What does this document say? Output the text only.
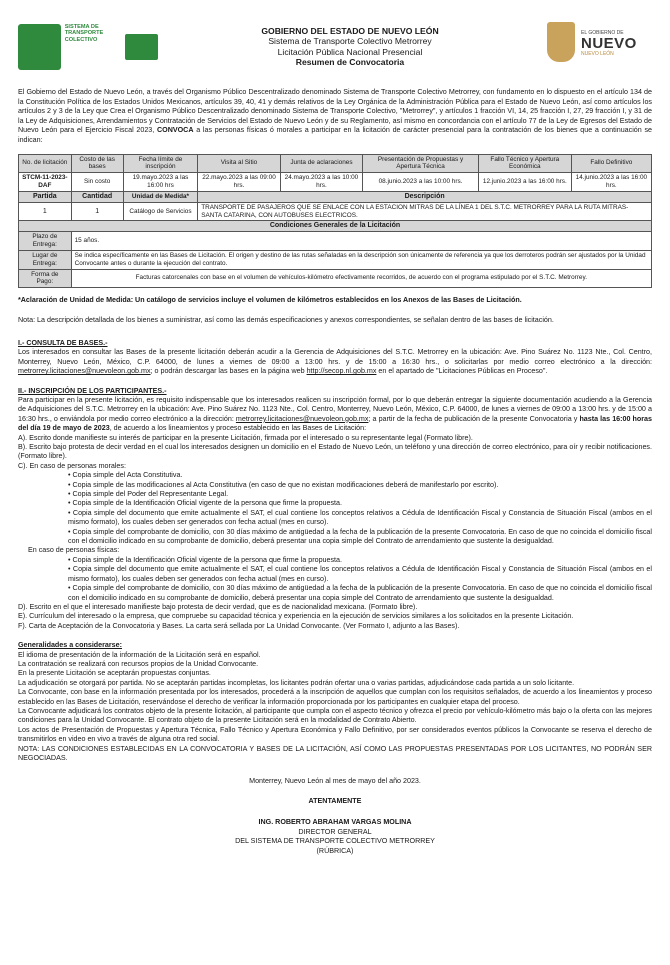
SISTEMA DE TRANSPORTE COLECTIVO
GOBIERNO DEL ESTADO DE NUEVO LEÓN
Sistema de Transporte Colectivo Metrorrey
Licitación Pública Nacional Presencial
Resumen de Convocatoria
EL GOBIERNO DE
NUEVO
NUEVO LEÓN

El Gobierno del Estado de Nuevo León, a través del Organismo Público Descentralizado denominado Sistema de Transporte Colectivo Metrorrey, con fundamento en lo dispuesto en el artículo 134 de la Constitución Política de los Estados Unidos Mexicanos, artículos 39, 40, 41 y demás relativos de la Ley Orgánica de la Administración Pública para el Estado de Nuevo León, así como artículos los artículos 2 y 3 de la Ley que Crea el Organismo Público Descentralizado denominado Sistema de Transporte Colectivo, "Metrorrey", y artículos 1 fracción VI, 14, 25 fracción I, 27, 29 fracción I, y 31 de la Ley de Adquisiciones, Arrendamientos y Contratación de Servicios del Estado de Nuevo León y de su Reglamento, así mismo en concordancia con el artículo 77 de la Ley de Egresos del Estado de Nuevo León para el Ejercicio Fiscal 2023, CONVOCA a las personas físicas ó morales a participar en la licitación de carácter presencial para la contratación de los bienes que a continuación se indican:

No. de licitación	Costo de las bases	Fecha límite de inscripción	Visita al Sitio	Junta de aclaraciones	Presentación de Propuestas y Apertura Técnica	Fallo Técnico y Apertura Económica	Fallo Definitivo
STCM-11-2023-DAF	Sin costo	19.mayo.2023 a las 16:00 hrs	22.mayo.2023 a las 09:00 hrs.	24.mayo.2023 a las 10:00 hrs.	08.junio.2023 a las 10:00 hrs.	12.junio.2023 a las 16:00 hrs.	14.junio.2023 a las 16:00 hrs.
Partida	Cantidad	Unidad de Medida*	Descripción				
1	1	Catálogo de Servicios	TRANSPORTE DE PASAJEROS QUE SE ENLACE CON LA ESTACION MITRAS DE LA LÍNEA 1 DEL S.T.C. METRORREY PARA LA RUTA MITRAS-SANTA CATARINA, CON AUTOBUSES ELECTRICOS.				
Condiciones Generales de la Licitación							
Plazo de Entrega:	15 años.						
Lugar de Entrega:	Se indica específicamente en las Bases de Licitación. El origen y destino de las rutas señaladas en la descripción son únicamente de referencia ya que los derroteros podrán ser ajustados por la Unidad Convocante antes o durante la ejecución del contrato.						
Forma de Pago:	Facturas catorcenales con base en el volumen de vehículos-kilómetro efectivamente recorridos, de acuerdo con el programa estipulado por el S.T.C. Metrorrey.						

*Aclaración de Unidad de Medida: Un catálogo de servicios incluye el volumen de kilómetros establecidos en los Anexos de las Bases de Licitación.

Nota: La descripción detallada de los bienes a suministrar, así como las demás especificaciones y anexos correspondientes, se señalan dentro de las bases de licitación.

I.- CONSULTA DE BASES.-

Los interesados en consultar las Bases de la presente licitación deberán acudir a la Gerencia de Adquisiciones del S.T.C. Metrorrey en la ubicación: Ave. Pino Suárez No. 1123 Nte., Col. Centro, Monterrey, Nuevo León, México, C.P. 64000, de lunes a viernes de 09:00 a 13:00 hrs. y de 15:00 a 16:30 hrs., o solicitarlas por medio correo electrónico a la dirección: metrorrey.licitaciones@nuevoleon.gob.mx; o podrán descargar las bases en la página web http://secop.nl.gob.mx en el apartado de "Licitaciones Públicas en Proceso".

II.- INSCRIPCIÓN DE LOS PARTICIPANTES.-

Para participar en la presente licitación, es requisito indispensable que los interesados realicen su inscripción formal, por lo que deberán entregar la siguiente documentación acudiendo a la Gerencia de Adquisiciones del S.T.C. Metrorrey en la ubicación: Ave. Pino Suárez No. 1123 Nte., Col. Centro, Monterrey, Nuevo León, México, C.P. 64000, de lunes a viernes de 09:00 a 13:00 hrs. y de 15:00 a 16:30 hrs., o enviándola por medio correo electrónico a la dirección: metrorrey.licitaciones@nuevoleon.gob.mx; a partir de la fecha de publicación de la presente Convocatoria y hasta las 16:00 horas del día 19 de mayo de 2023, de acuerdo a los lineamientos y proceso establecido en las Bases de Licitación:

A). Escrito donde manifieste su interés de participar en la presente Licitación, firmada por el interesado o su representante legal (Formato libre).
B). Escrito bajo protesta de decir verdad en el cual los interesados designen un domicilio en el Estado de Nuevo León, un teléfono y una dirección de correo electrónico, para oír y recibir notificaciones. (Formato libre).
C). En caso de personas morales:
• Copia simple del Acta Constitutiva.
• Copia simple de las modificaciones al Acta Constitutiva (en caso de que no existan modificaciones deberá de manifestarlo por escrito).
• Copia simple del Poder del Representante Legal.
• Copia simple de la Identificación Oficial vigente de la persona que firme la propuesta.
• Copia simple del documento que emite actualmente el SAT, el cual contiene los conceptos relativos a Cédula de Identificación Fiscal y Constancia de Situación Fiscal (ambos en el mismo formato), los cuales deben ser generados con fecha actual (mes en curso).
• Copia simple del comprobante de domicilio, con 30 días máximo de antigüedad a la fecha de la publicación de la presente Convocatoria. En caso de que no coincida el domicilio fiscal con el domicilio indicado en su comprobante de domicilio, deberá presentar una copia simple del Contrato de arrendamiento que sustente la desigualdad.
En caso de personas físicas:
• Copia simple de la Identificación Oficial vigente de la persona que firme la propuesta.
• Copia simple del documento que emite actualmente el SAT, el cual contiene los conceptos relativos a Cédula de Identificación Fiscal y Constancia de Situación Fiscal (ambos en el mismo formato), los cuales deben ser generados con fecha actual (mes en curso).
• Copia simple del comprobante de domicilio, con 30 días máximo de antigüedad a la fecha de la publicación de la presente Convocatoria. En caso de que no coincida el domicilio fiscal con el domicilio indicado en su comprobante de domicilio, deberá presentar una copia simple del Contrato de arrendamiento que sustente la desigualdad.
D). Escrito en el que el interesado manifieste bajo protesta de decir verdad, que es de nacionalidad mexicana. (Formato libre).
E). Currículum del interesado o la empresa, que compruebe su capacidad técnica y experiencia en la ejecución de servicios similares a los solicitados en la presente Licitación.
F). Carta de Aceptación de la Convocatoria y Bases. La carta será sellada por La Unidad Convocante. (Ver Formato I, adjunto a las Bases).
Generalidades a considerarse:
El idioma de presentación de la información de la Licitación será en español.
La contratación se realizará con recursos propios de la Unidad Convocante.
En la presente Licitación se aceptarán propuestas conjuntas.
La adjudicación se otorgará por partida. No se aceptarán partidas incompletas, los licitantes podrán ofertar una o varias partidas, adjudicándose cada partida a un solo licitante.
La Convocante, con base en la información presentada por los interesados, procederá a la inscripción de aquellos que cumplan con los requisitos señalados, de acuerdo a los lineamientos y proceso establecido en las Bases de Licitación, reservándose el derecho de verificar la información proporcionada por los participantes en cualquier etapa del proceso.
La Convocante adjudicará los contratos objeto de la presente licitación, al participante que cumpla con el aspecto técnico y ofrezca el precio por vehículo-kilómetro más bajo o la oferta con las mejores condiciones para la Unidad Convocante. El contrato objeto de la presente Licitación será en la modalidad de Contrato Abierto.
Los actos de Presentación de Propuestas y Apertura Técnica, Fallo Técnico y Apertura Económica y Fallo Definitivo, por ser considerados eventos públicos la Convocante se reserva el derecho de transmitirlos en video en vivo a través de alguna otra red social.
NOTA: LAS CONDICIONES ESTABLECIDAS EN LA CONVOCATORIA Y BASES DE LA LICITACIÓN, ASÍ COMO LAS PROPUESTAS PRESENTADAS POR LOS LICITANTES, NO PODRÁN SER NEGOCIADAS.
Monterrey, Nuevo León al mes de mayo del año 2023.
ATENTAMENTE
ING. ROBERTO ABRAHAM VARGAS MOLINA
DIRECTOR GENERAL
DEL SISTEMA DE TRANSPORTE COLECTIVO METRORREY
(RÚBRICA)
